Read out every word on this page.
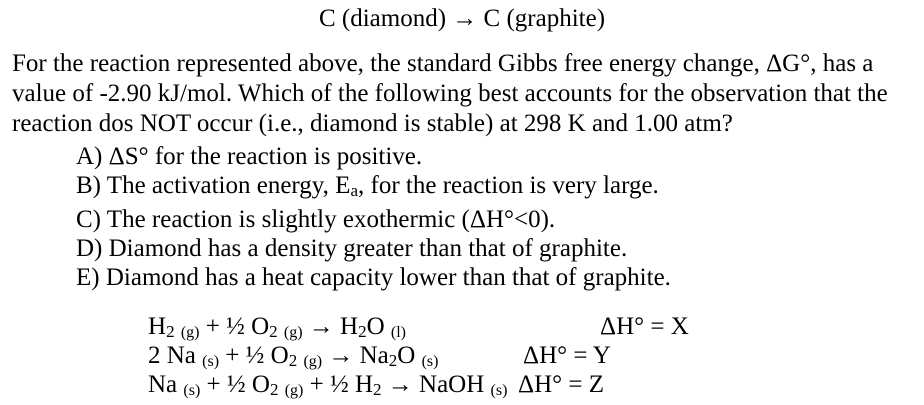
C (diamond) → C (graphite)
For the reaction represented above, the standard Gibbs free energy change, ΔG°, has a
value of -2.90 kJ/mol. Which of the following best accounts for the observation that the
reaction dos NOT occur (i.e., diamond is stable) at 298 K and 1.00 atm?
A) ΔS° for the reaction is positive.
B) The activation energy, $E_a$, for the reaction is very large.
C) The reaction is slightly exothermic (ΔH°<0).
D) Diamond has a density greater than that of graphite.
E) Diamond has a heat capacity lower than that of graphite.
$H_2$ $_{(g)}$ + ½ $O_2$ $_{(g)} \to H_2O$ $_{(l)}$	ΔH° = X
2 Na $_{(s)}$ + ½ $O_2$ $_{(g)} \to Na_2O$ $_{(s)}$	ΔH° = Y
Na $_{(s)}$ + ½ $O_2$ $_{(g)}$ + ½ $H_2$ → NaOH $_{(s)}$ ΔH° = Z
